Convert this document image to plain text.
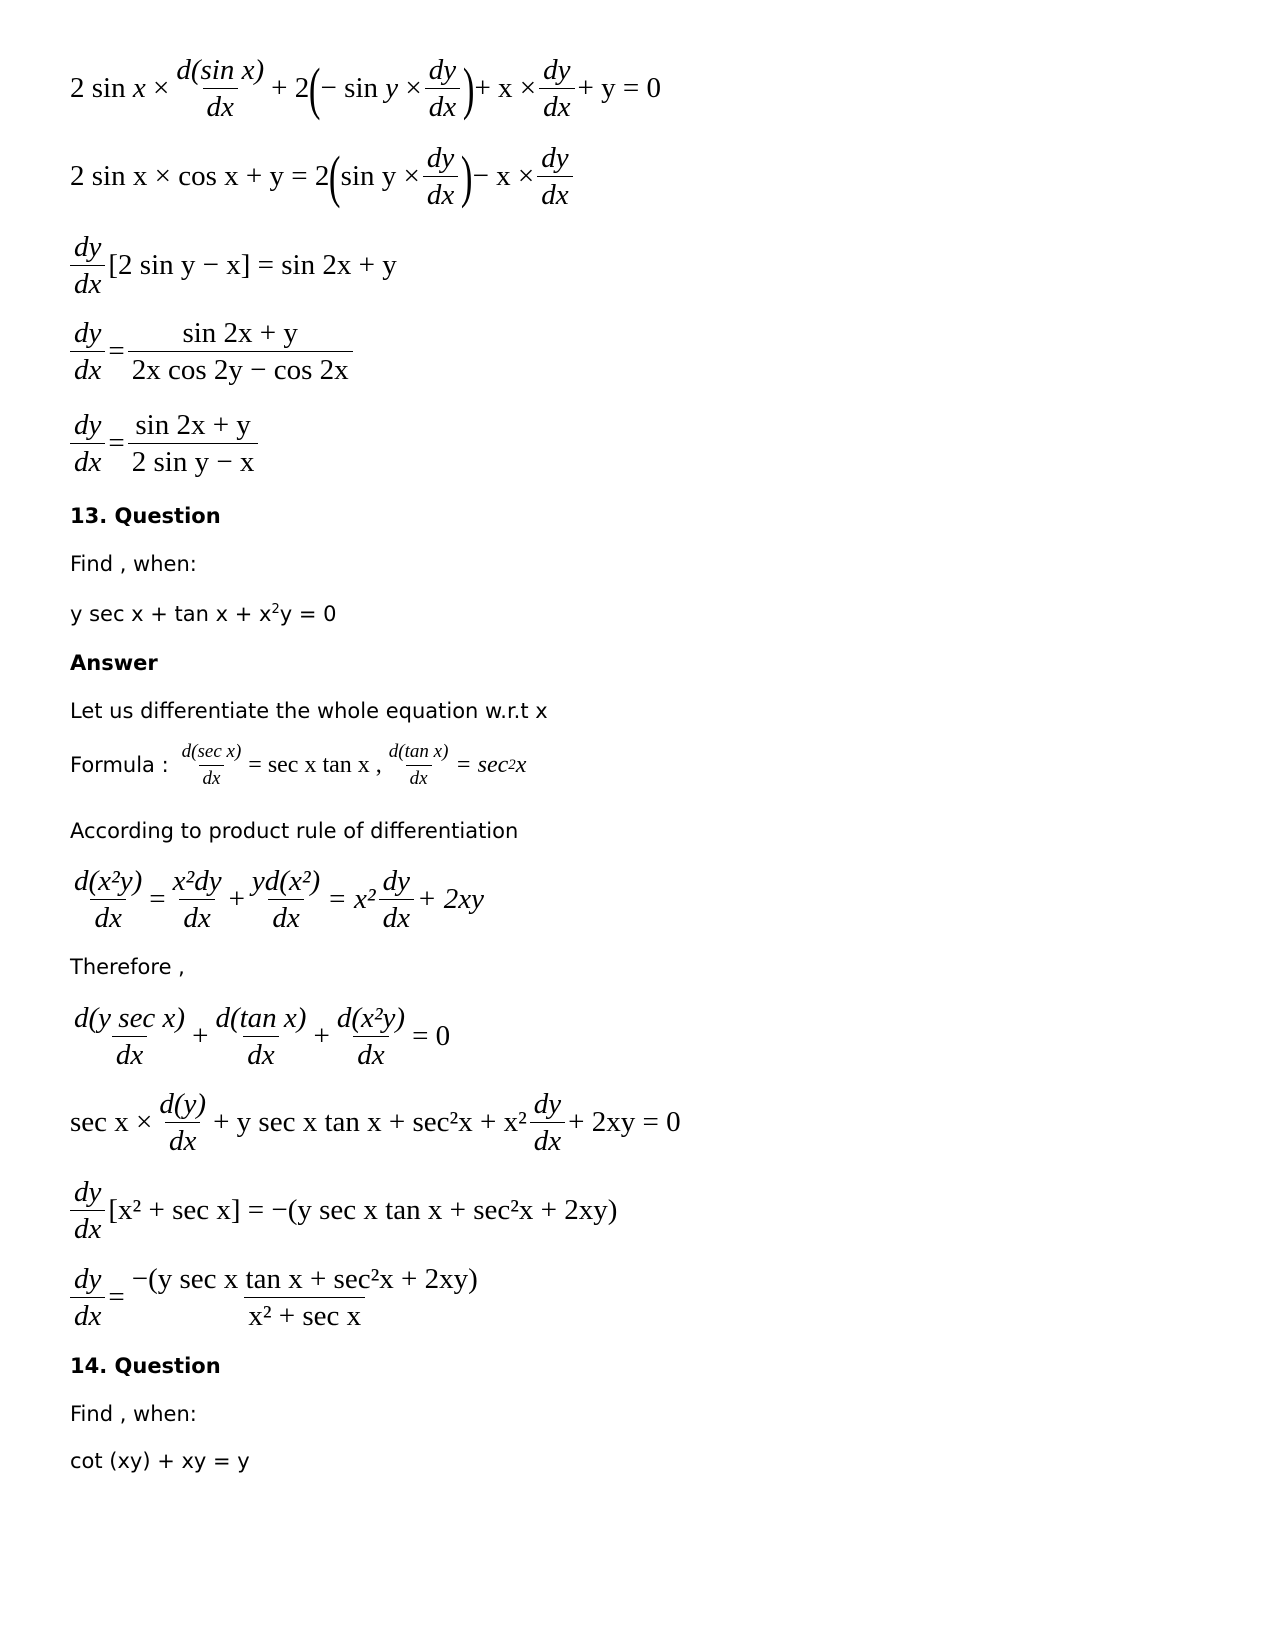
2 sin
x
× $\frac{\text{d(sin x)}}{dx} + 2$ ( − sin
y
× $\frac{dy}{dx}$ ) + $x \times \frac{dy}{dx} + y = 0$
2 sin x × cos x + y = 2 ( $\sin y \times \frac{dy}{dx}$ ) − $x \times \frac{dy}{dx}$
$\frac{dy}{dx} [2$ sin y − x] = sin 2x + y
$\frac{dy}{dx} = \frac{\sin 2x + y}{\text{2x cos 2y − cos 2x}}$
$\frac{dy}{dx} = \frac{\sin 2x + y}{\text{2 sin y − x}}$
13. Question
Find , when:
y $\sec x + \tan x + x^2y = 0$
Answer
Let us differentiate the whole equation w.r.t x
Formula : $\frac{\text{d(sec x)}}{dx} = \sec x$ tan x , $\frac{\text{d(tan x)}}{dx} = \sec 2$ x
According to product rule of differentiation
$\frac{\text{d(x²y)}}{dx} = \frac{\text{x²dy}}{dx} + \frac{\text{yd(x²)}}{dx} = x^2 \frac{dy}{dx} + 2xy$
Therefore ,
$\frac{\text{d(y sec x)}}{dx} + \frac{\text{d(tan x)}}{dx} + \frac{\text{d(x²y)}}{dx} = 0$
$\sec x \times \frac{d(y)}{dx} + y$ sec x $\tan x + \sec^2x + x^2 \frac{dy}{dx} + 2xy = 0$
$\frac{dy}{dx} [x^2 + \sec x] = -(y$ sec x tan x + sec²x + 2xy)
$\frac{dy}{dx} = \frac{\text{−(y sec x tan x + sec²x + 2xy)}}{\text{x² + sec x}}$
14. Question
Find , when:
cot (xy) + xy = y
